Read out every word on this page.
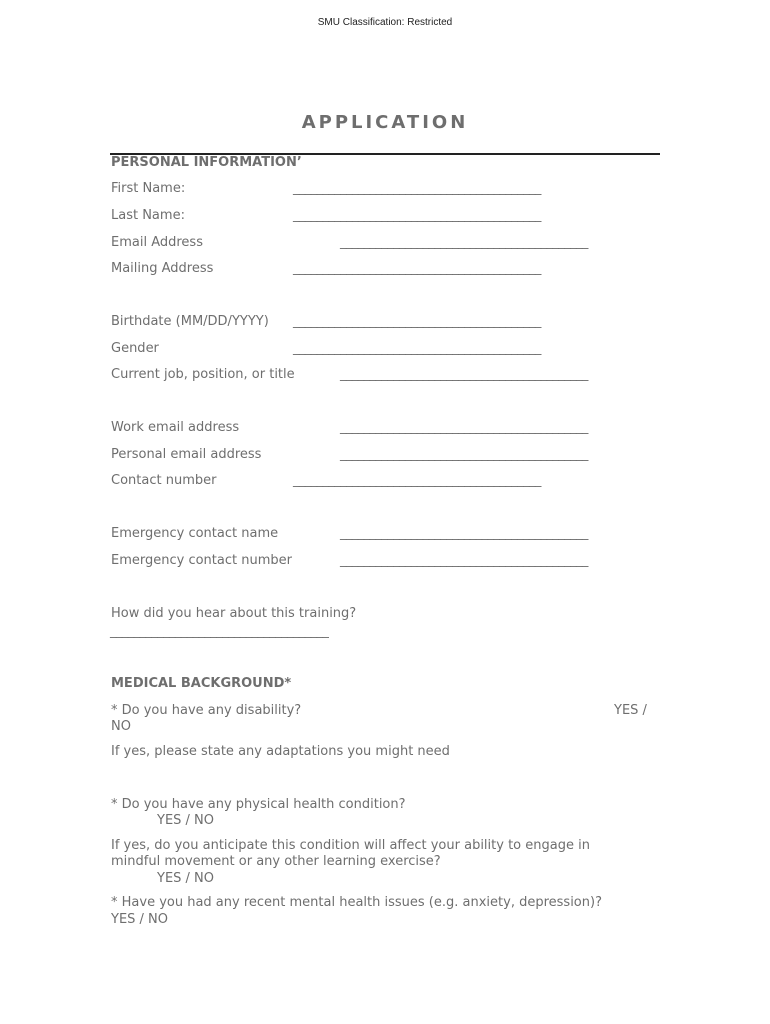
SMU Classification: Restricted
APPLICATION
PERSONAL INFORMATION’
First Name:	__________________________________________
Last Name:	__________________________________________
Email Address	__________________________________________
Mailing Address	__________________________________________
Birthdate (MM/DD/YYYY) __________________________________________
Gender	__________________________________________
Current job, position, or title	__________________________________________
Work email address	__________________________________________
Personal email address	__________________________________________
Contact number	__________________________________________
Emergency contact name	__________________________________________
Emergency contact number	__________________________________________
How did you hear about this training?
_____________________________________
MEDICAL BACKGROUND*
* Do you have any disability?	YES /
NO
If yes, please state any adaptations you might need
* Do you have any physical health condition?
YES / NO
If yes, do you anticipate this condition will affect your ability to engage in
mindful movement or any other learning exercise?
YES / NO
* Have you had any recent mental health issues (e.g. anxiety, depression)?
YES / NO
